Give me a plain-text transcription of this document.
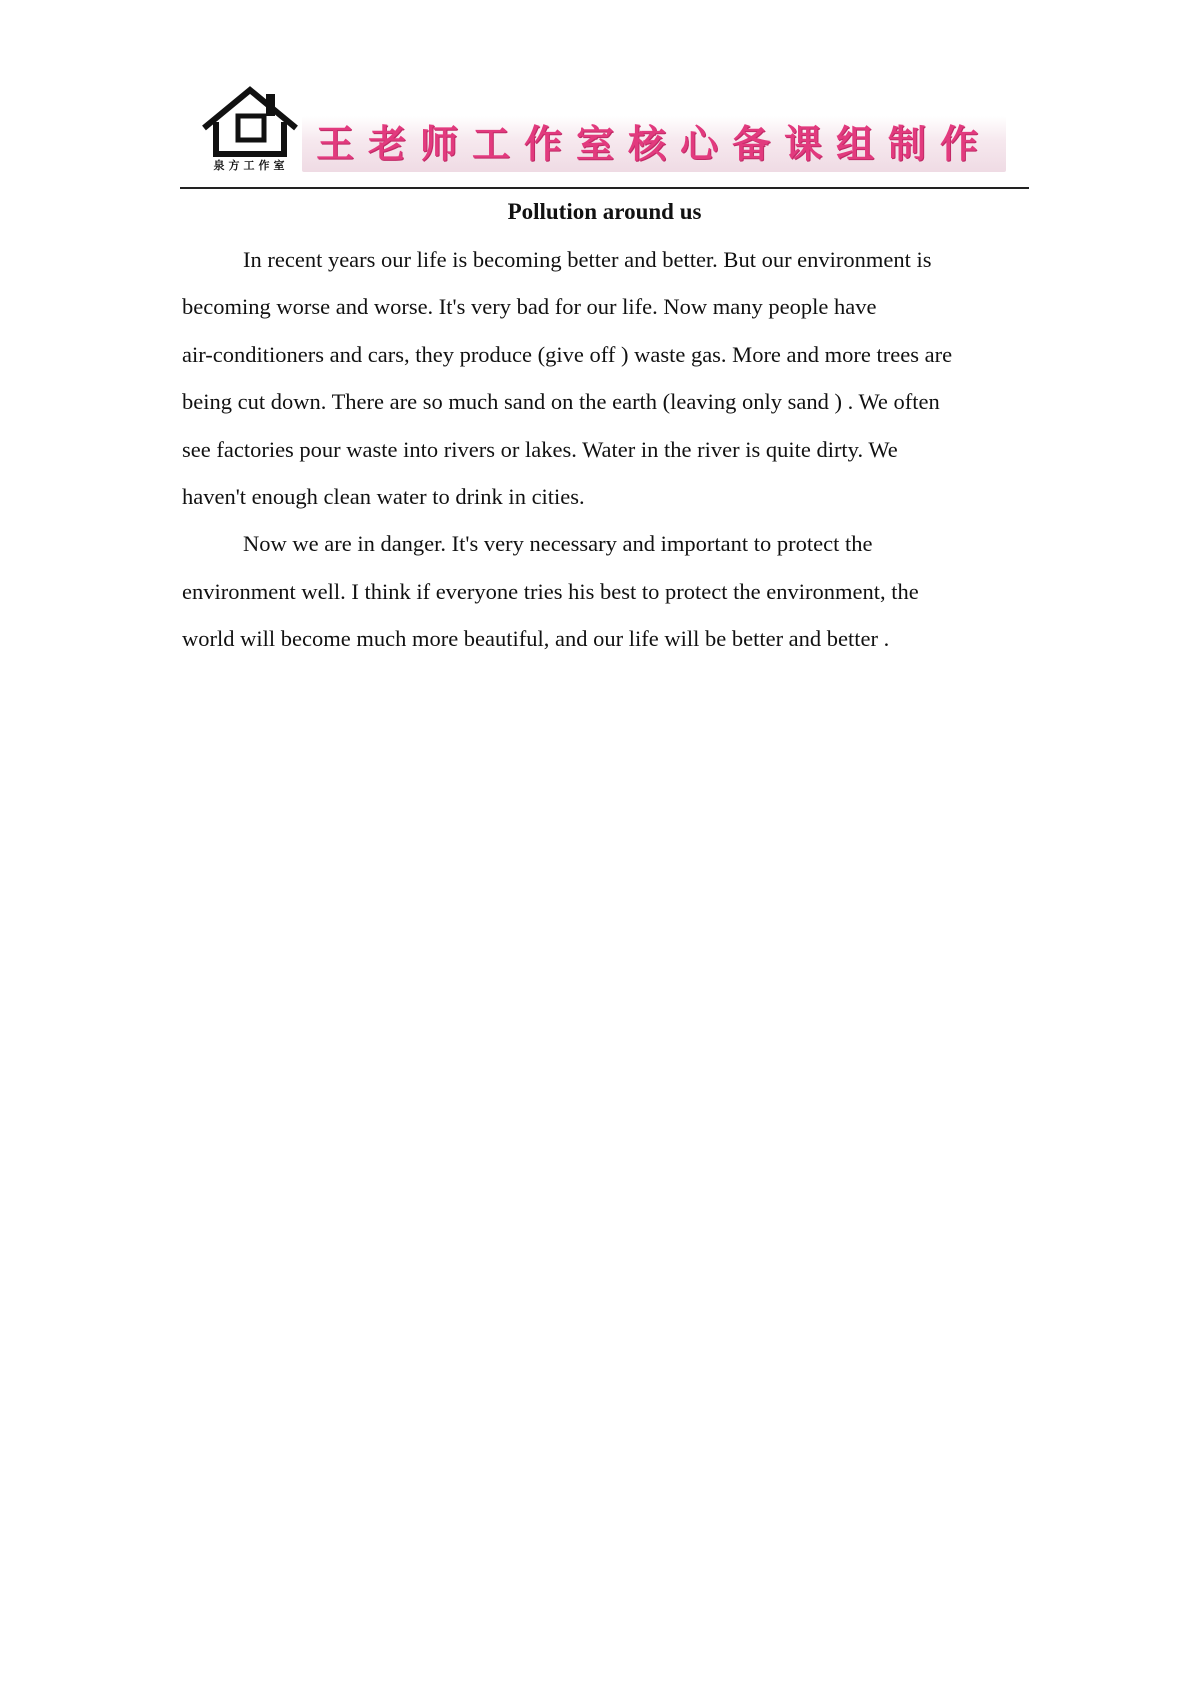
泉方工作室 王老师工作室核心备课组制作
Pollution around us
In recent years our life is becoming better and better. But our environment is
becoming worse and worse. It's very bad for our life. Now many people have
air-conditioners and cars, they produce (give off ) waste gas. More and more trees are
being cut down. There are so much sand on the earth (leaving only sand ) . We often
see factories pour waste into rivers or lakes. Water in the river is quite dirty. We
haven't enough clean water to drink in cities.
Now we are in danger. It's very necessary and important to protect the
environment well. I think if everyone tries his best to protect the environment, the
world will become much more beautiful, and our life will be better and better .
